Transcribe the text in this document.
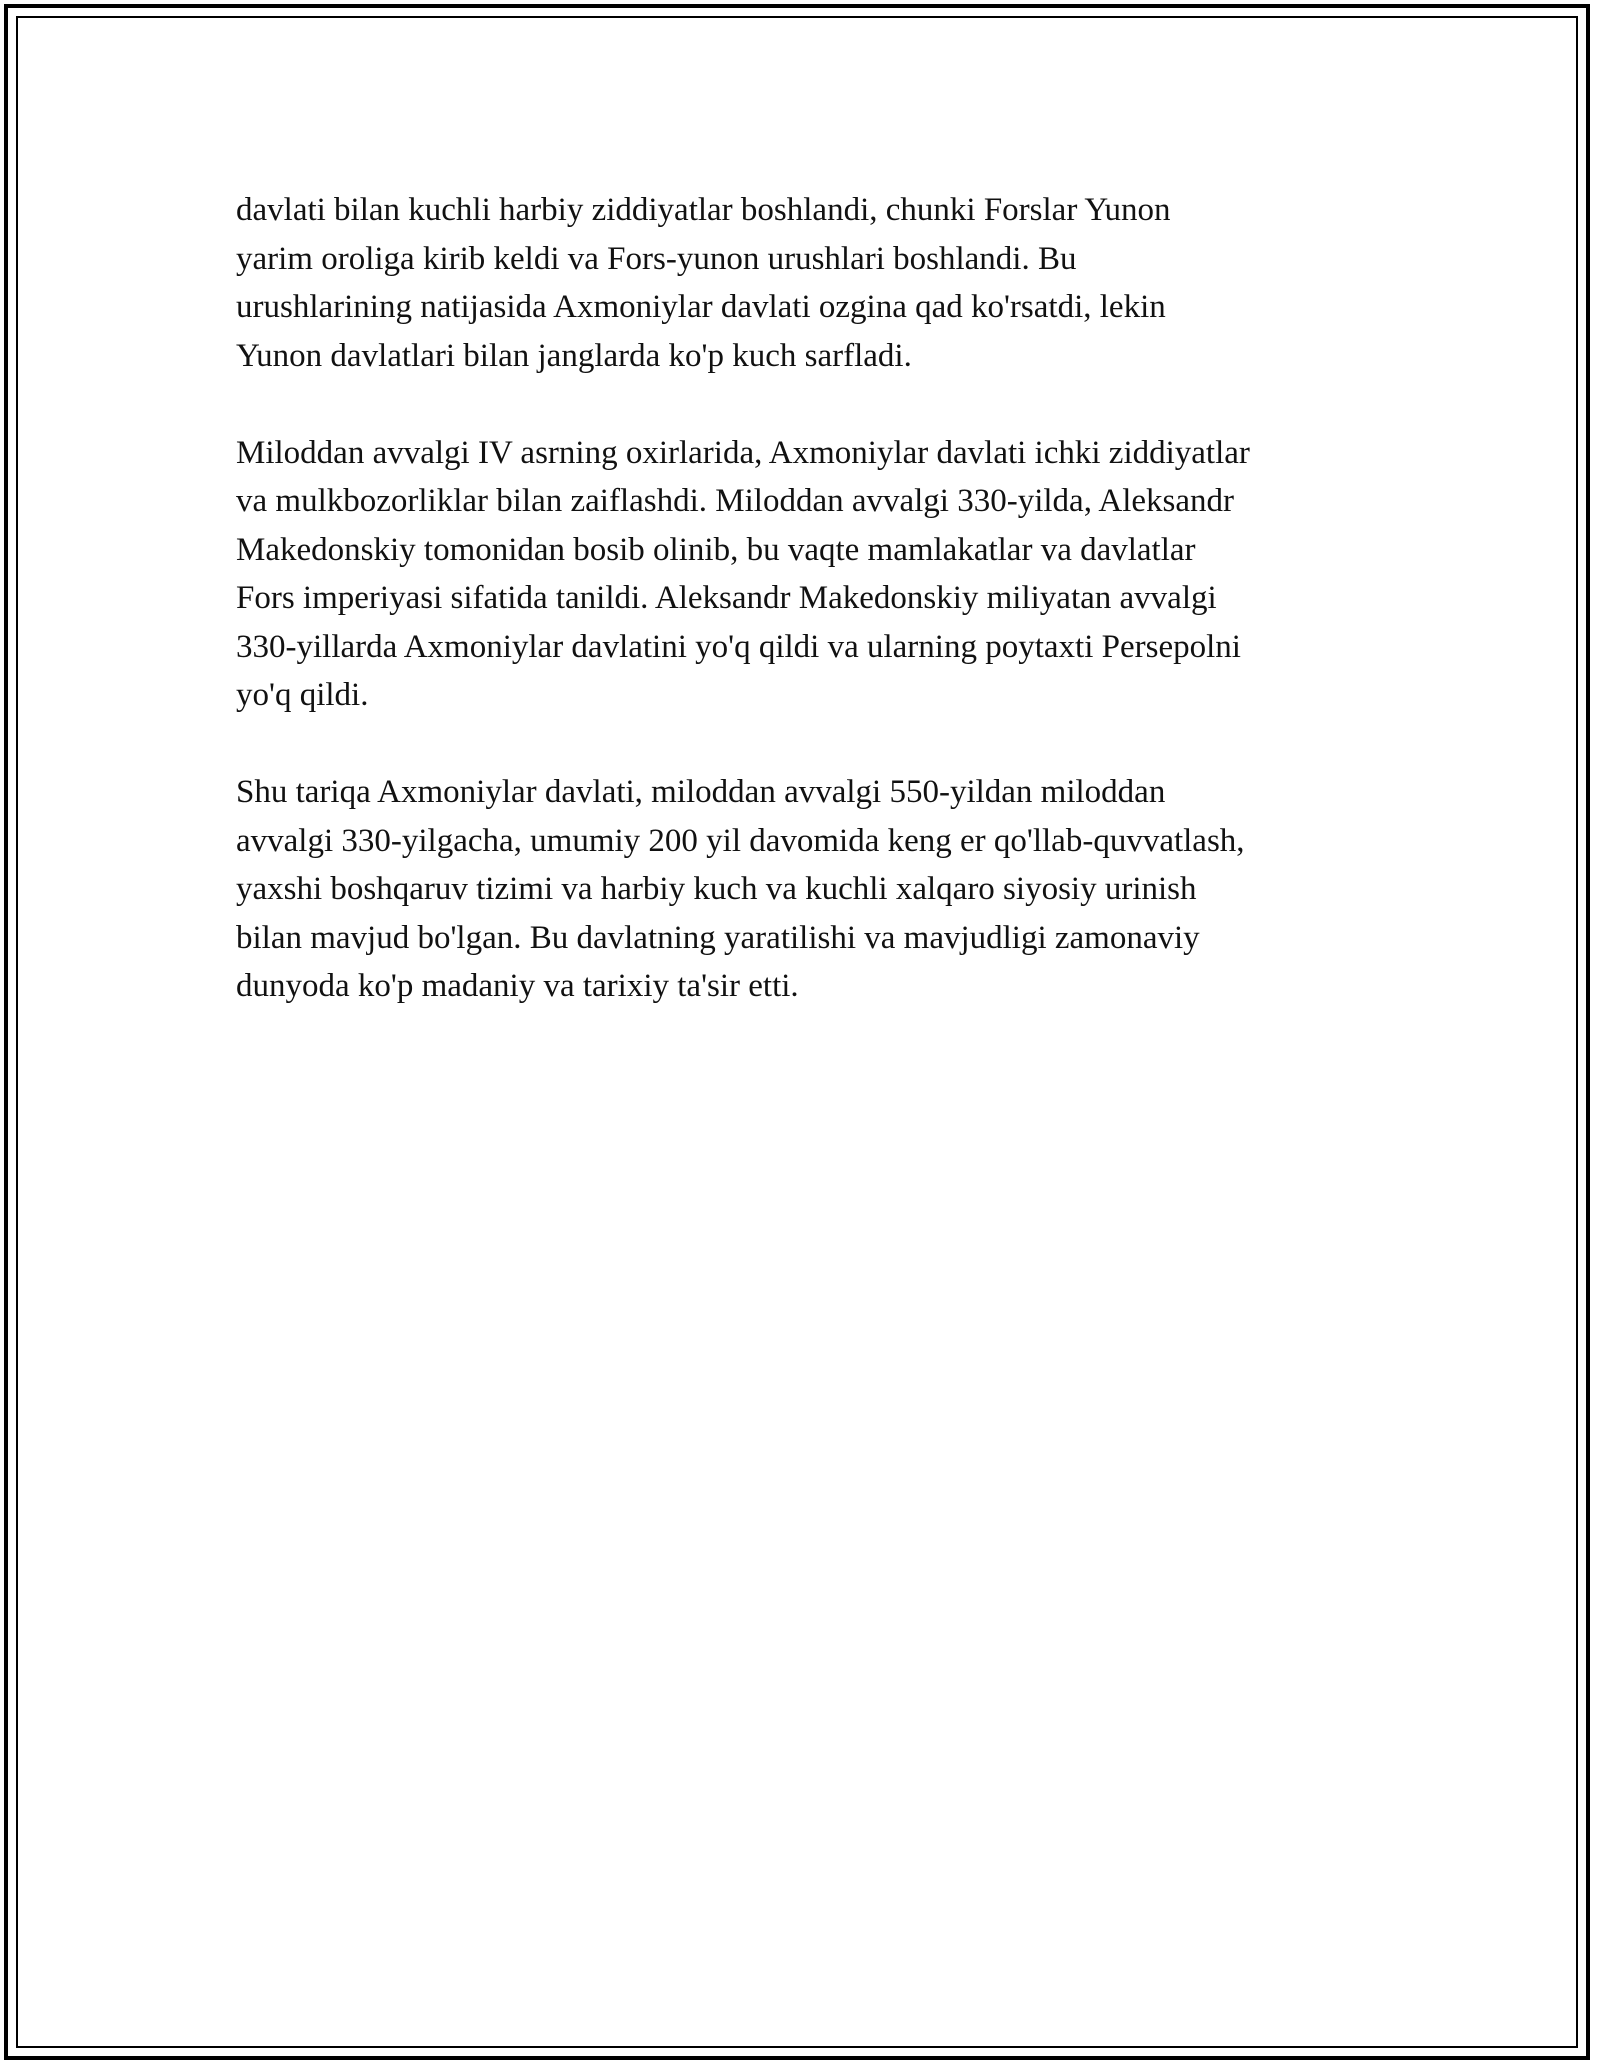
davlati bilan kuchli harbiy ziddiyatlar boshlandi, chunki Forslar Yunon
yarim oroliga kirib keldi va Fors-yunon urushlari boshlandi. Bu
urushlarining natijasida Axmoniylar davlati ozgina qad ko'rsatdi, lekin
Yunon davlatlari bilan janglarda ko'p kuch sarfladi.

Miloddan avvalgi IV asrning oxirlarida, Axmoniylar davlati ichki ziddiyatlar
va mulkbozorliklar bilan zaiflashdi. Miloddan avvalgi 330-yilda, Aleksandr
Makedonskiy tomonidan bosib olinib, bu vaqte mamlakatlar va davlatlar
Fors imperiyasi sifatida tanildi. Aleksandr Makedonskiy miliyatan avvalgi
330-yillarda Axmoniylar davlatini yo'q qildi va ularning poytaxti Persepolni
yo'q qildi.

Shu tariqa Axmoniylar davlati, miloddan avvalgi 550-yildan miloddan
avvalgi 330-yilgacha, umumiy 200 yil davomida keng er qo'llab-quvvatlash,
yaxshi boshqaruv tizimi va harbiy kuch va kuchli xalqaro siyosiy urinish
bilan mavjud bo'lgan. Bu davlatning yaratilishi va mavjudligi zamonaviy
dunyoda ko'p madaniy va tarixiy ta'sir etti.
